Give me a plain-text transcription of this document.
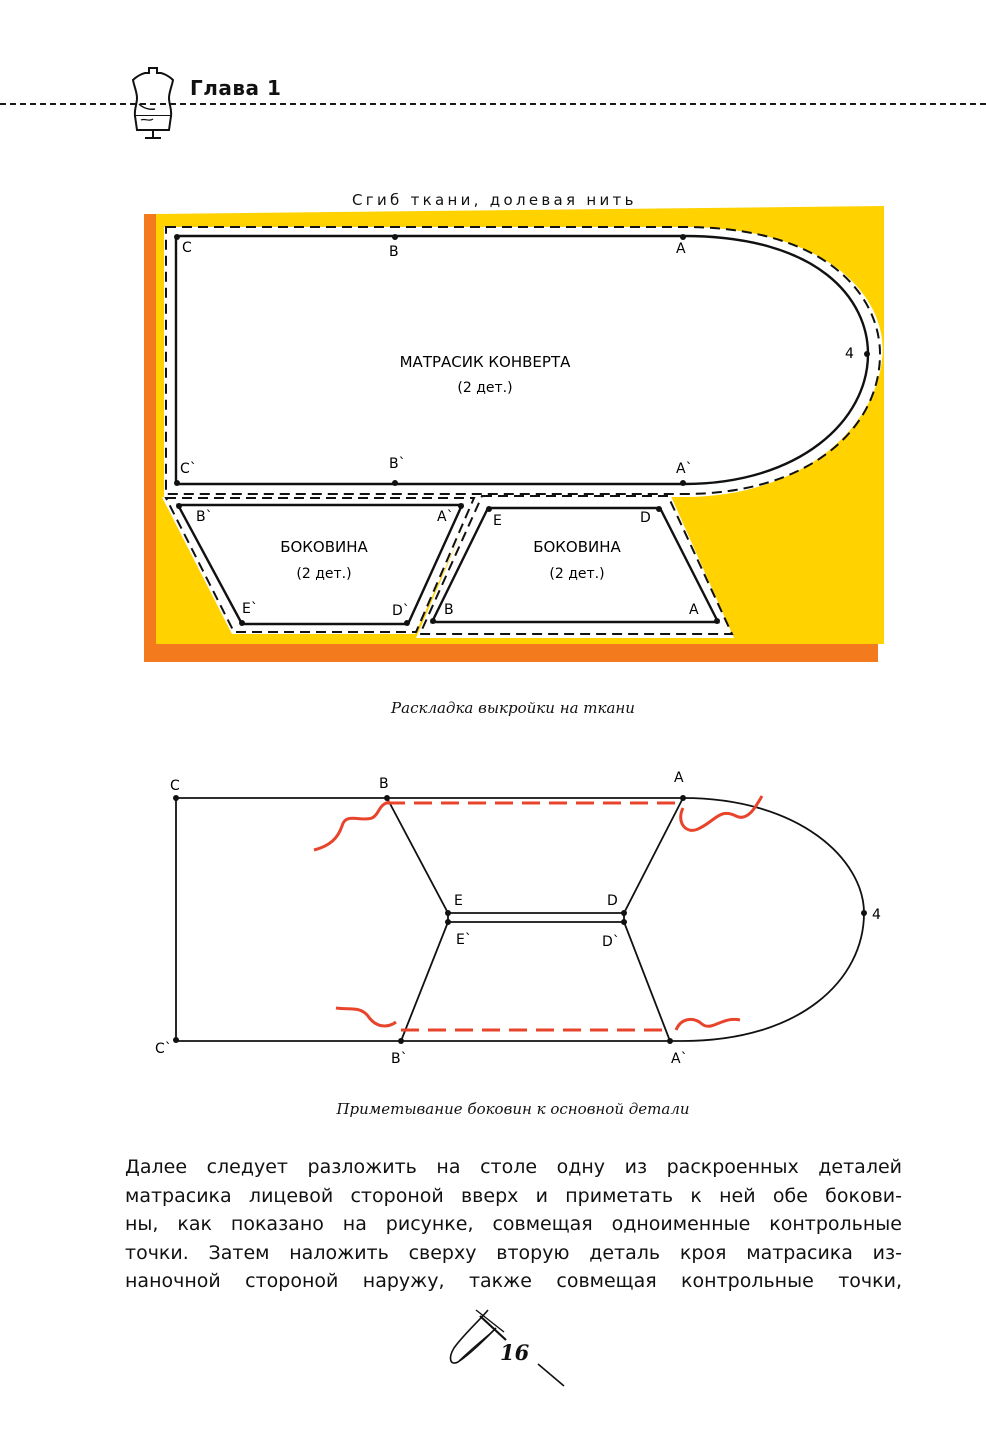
Глава 1
Сгиб ткани, долевая нить
C	B	A
4
C`	B`	A`
МАТРАСИК КОНВЕРТА
(2 дет.)
B`	A`
E`	D`
БОКОВИНА
(2 дет.)
E	D
B	A
БОКОВИНА
(2 дет.)
Раскладка выкройки на ткани
C	B	A
E	D
E`	D`
4
C`
B`	A`
Приметывание боковин к основной детали
Далее следует разложить на столе одну из раскроенных деталей
матрасика лицевой стороной вверх и приметать к ней обе бокови-
ны, как показано на рисунке, совмещая одноименные контрольные
точки. Затем наложить сверху вторую деталь кроя матрасика из-
наночной стороной наружу, также совмещая контрольные точки,
16
